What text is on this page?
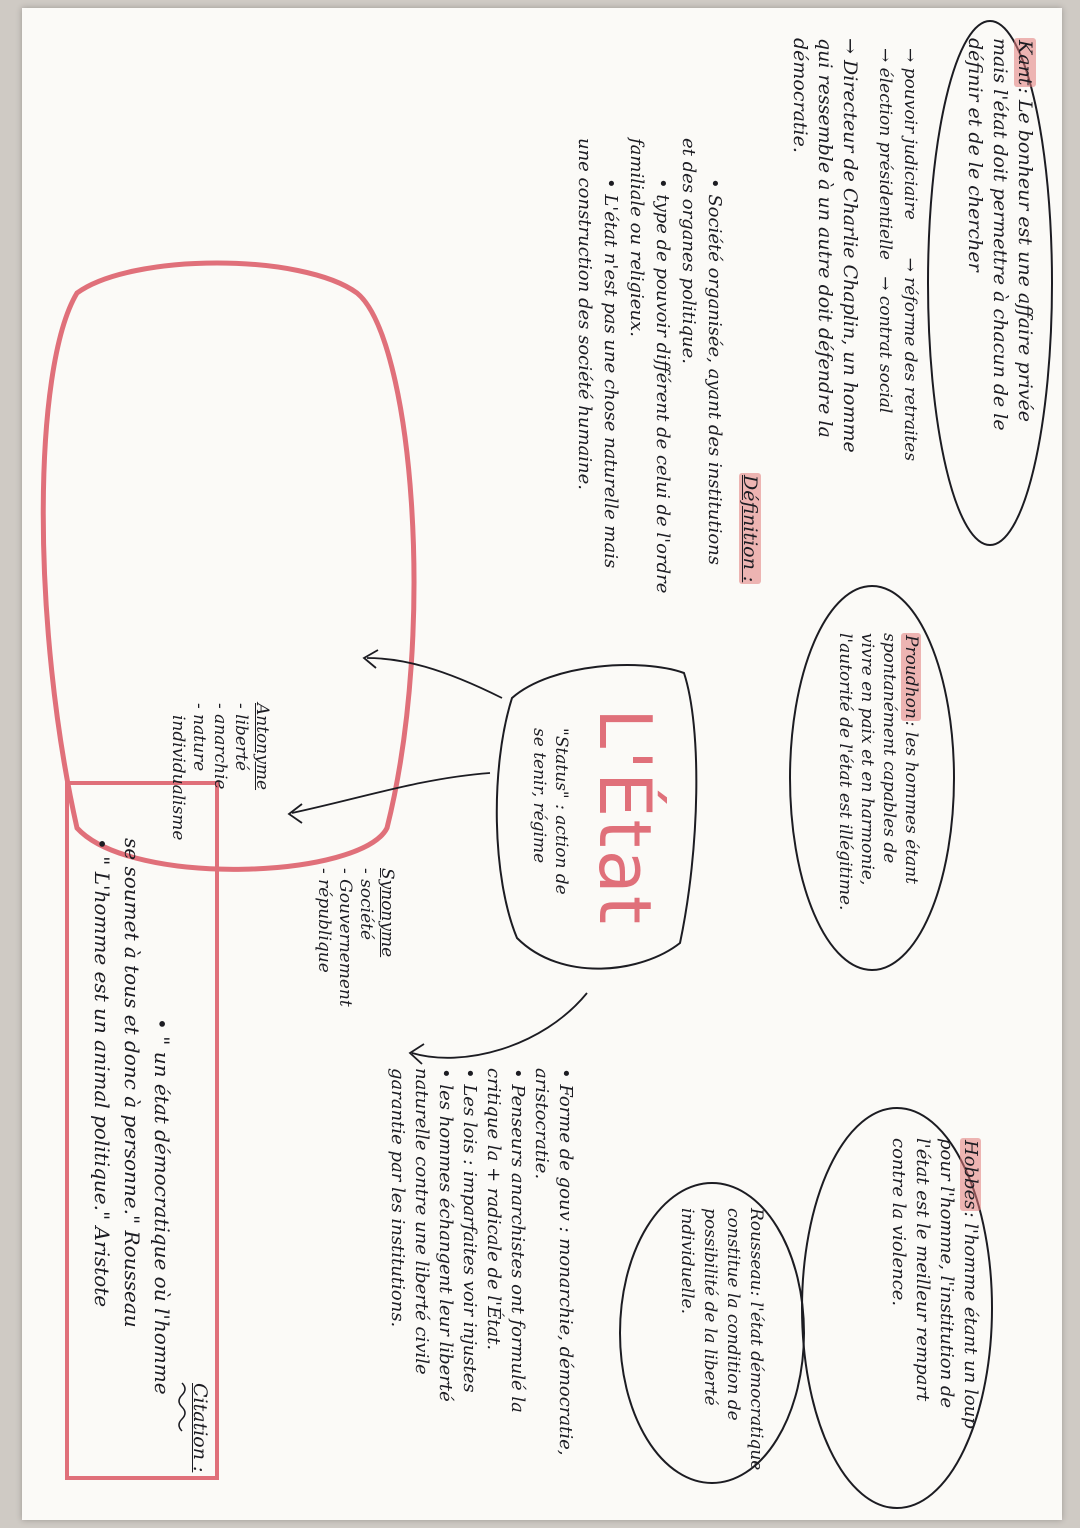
Kant: Le bonheur est une affaire privée
mais l'état doit permettre à chacun de le
définir et de le chercher
→ pouvoir judiciaire       → réforme des retraites
→ élection présidentielle   → contrat social
→ Directeur de Charlie Chaplin, un homme
qui ressemble à un autre doit défendre la
démocratie.
Définition :
• Société organisée, ayant des institutions
et des organes politique.
• type de pouvoir différent de celui de l'ordre
familiale ou religieux.
• L'état n'est pas une chose naturelle mais
une construction des société humaine.
Proudhon: les hommes étant
spontanément capables de
vivre en paix et en harmonie,
l'autorité de l'état est illégitime.
L'État
"Status" : action de
se tenir, régime
Antonyme
- liberté
- anarchie
- nature
individualisme
Synonyme
- société
- Gouvernement
- république
Citation :
• " un état démocratique où l'homme
se soumet à tous et donc à personne." Rousseau
• " L'homme est un animal politique." Aristote	Hobbes: l'homme étant un loup
pour l'homme, l'institution de
l'état est le meilleur rempart
contre la violence.
Rousseau: l'état démocratique
constitue la condition de
possibilité de la liberté
individuelle.
• Forme de gouv : monarchie, démocratie,
aristocratie.
• Penseurs anarchistes ont formulé la
critique la + radicale de l'État.
• Les lois : imparfaites voir injustes
• les hommes échangent leur liberté
naturelle contre une liberté civile
garantie par les institutions.
